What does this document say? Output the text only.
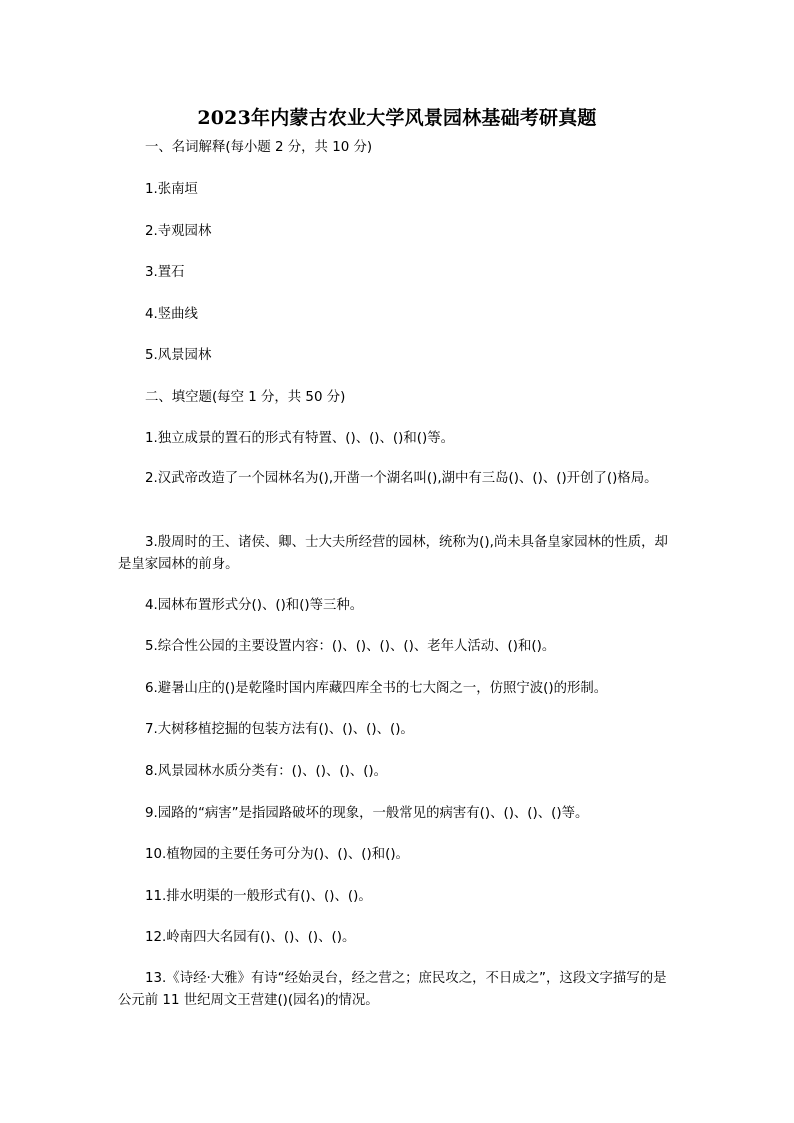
2023年内蒙古农业大学风景园林基础考研真题
一、名词解释(每小题 2 分，共 10 分)
1.张南垣
2.寺观园林
3.置石
4.竖曲线
5.风景园林
二、填空题(每空 1 分，共 50 分)
1.独立成景的置石的形式有特置、()、()、()和()等。
2.汉武帝改造了一个园林名为(),开凿一个湖名叫(),湖中有三岛()、()、()开创了()格局。
3.殷周时的王、诸侯、卿、士大夫所经营的园林，统称为(),尚未具备皇家园林的性质，却是皇家园林的前身。
4.园林布置形式分()、()和()等三种。
5.综合性公园的主要设置内容：()、()、()、()、老年人活动、()和()。
6.避暑山庄的()是乾隆时国内库藏四库全书的七大阁之一，仿照宁波()的形制。
7.大树移植挖掘的包装方法有()、()、()、()。
8.风景园林水质分类有：()、()、()、()。
9.园路的“病害”是指园路破坏的现象，一般常见的病害有()、()、()、()等。
10.植物园的主要任务可分为()、()、()和()。
11.排水明渠的一般形式有()、()、()。
12.岭南四大名园有()、()、()、()。
13.《诗经·大雅》有诗“经始灵台，经之营之；庶民攻之，不日成之”，这段文字描写的是公元前 11 世纪周文王营建()(园名)的情况。
